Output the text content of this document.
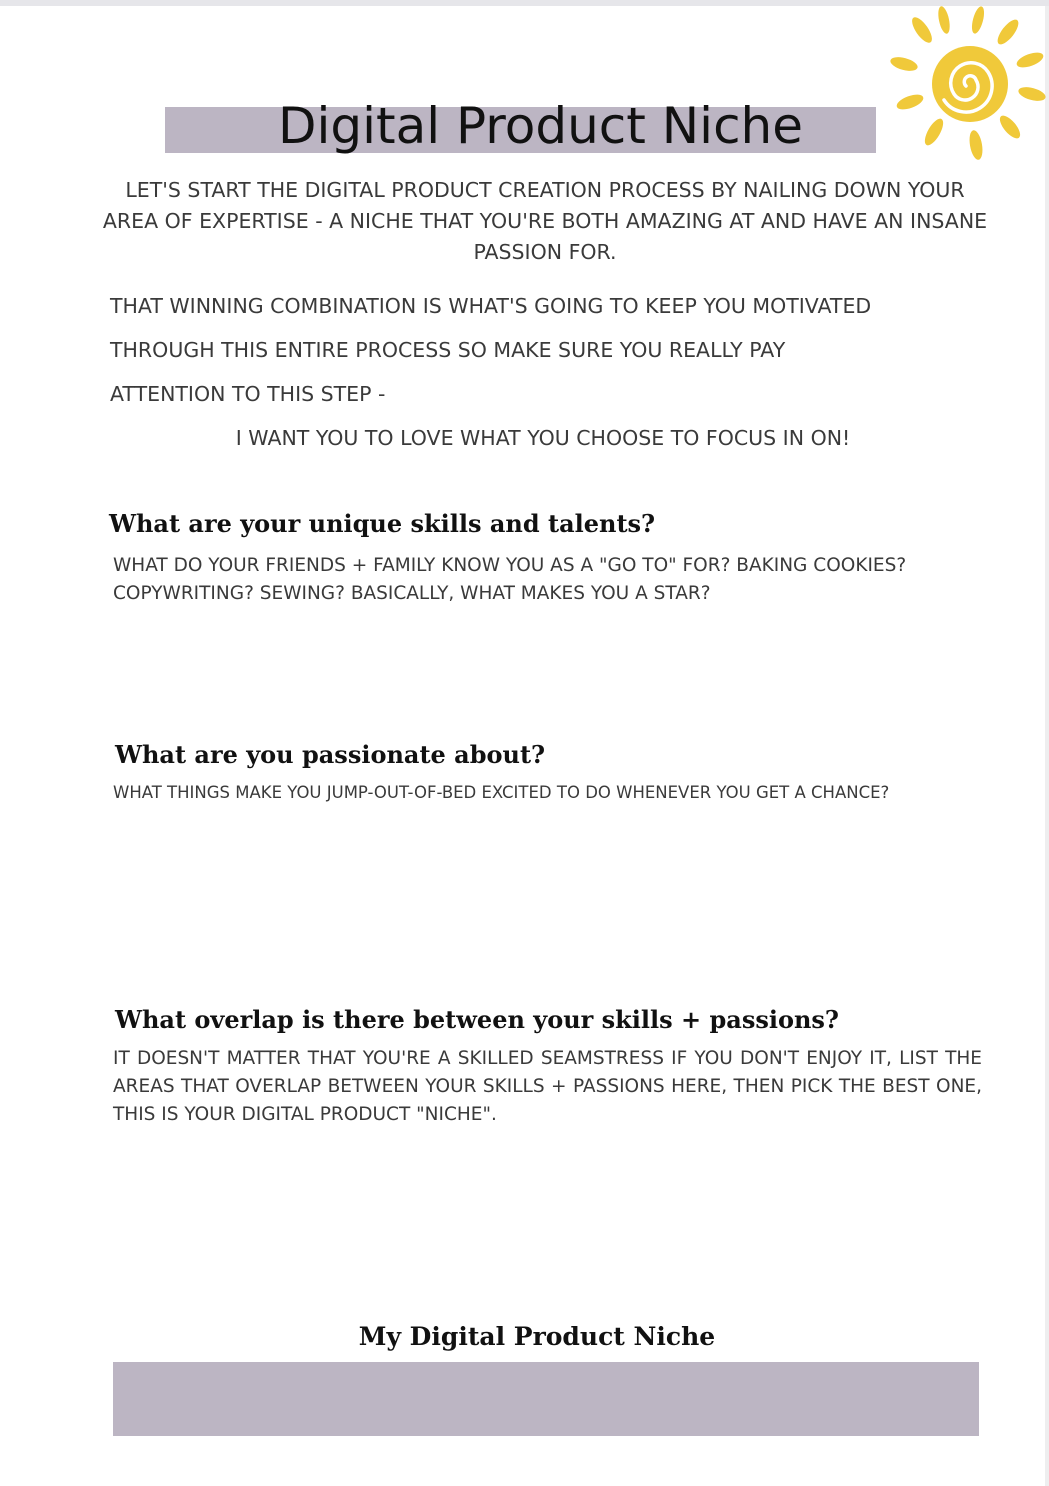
Digital Product Niche

LET'S START THE DIGITAL PRODUCT CREATION PROCESS BY NAILING DOWN YOUR AREA OF EXPERTISE - A NICHE THAT YOU'RE BOTH AMAZING AT AND HAVE AN INSANE PASSION FOR.

THAT WINNING COMBINATION IS WHAT'S GOING TO KEEP YOU MOTIVATED

THROUGH THIS ENTIRE PROCESS SO MAKE SURE YOU REALLY PAY

ATTENTION TO THIS STEP -

I WANT YOU TO LOVE WHAT YOU CHOOSE TO FOCUS IN ON!

What are your unique skills and talents?

WHAT DO YOUR FRIENDS + FAMILY KNOW YOU AS A "GO TO" FOR? BAKING COOKIES? COPYWRITING? SEWING? BASICALLY, WHAT MAKES YOU A STAR?

What are you passionate about?

WHAT THINGS MAKE YOU JUMP-OUT-OF-BED EXCITED TO DO WHENEVER YOU GET A CHANCE?

What overlap is there between your skills + passions?

IT DOESN'T MATTER THAT YOU'RE A SKILLED SEAMSTRESS IF YOU DON'T ENJOY IT, LIST THE AREAS THAT OVERLAP BETWEEN YOUR SKILLS + PASSIONS HERE, THEN PICK THE BEST ONE, THIS IS YOUR DIGITAL PRODUCT "NICHE".

My Digital Product Niche
